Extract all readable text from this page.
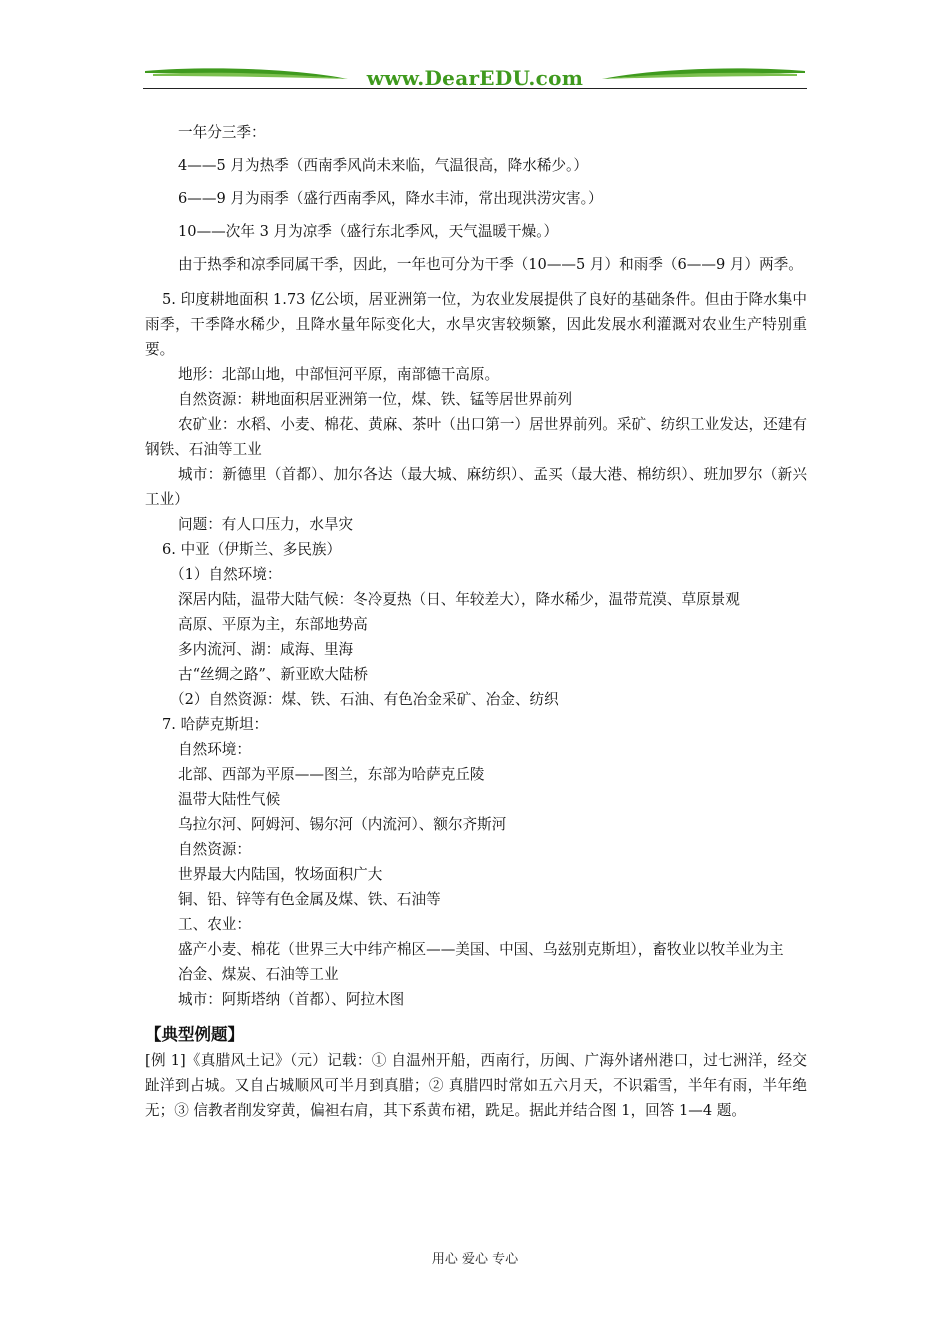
www.DearEDU.com

一年分三季：

4——5 月为热季（西南季风尚未来临，气温很高，降水稀少。）

6——9 月为雨季（盛行西南季风，降水丰沛，常出现洪涝灾害。）

10——次年 3 月为凉季（盛行东北季风，天气温暖干燥。）

由于热季和凉季同属干季，因此，一年也可分为干季（10——5 月）和雨季（6——9 月）两季。

5. 印度耕地面积 1.73 亿公顷，居亚洲第一位，为农业发展提供了良好的基础条件。但由于降水集中雨季，干季降水稀少，且降水量年际变化大，水旱灾害较频繁，因此发展水利灌溉对农业生产特别重要。

地形：北部山地，中部恒河平原，南部德干高原。

自然资源：耕地面积居亚洲第一位，煤、铁、锰等居世界前列

农矿业：水稻、小麦、棉花、黄麻、茶叶（出口第一）居世界前列。采矿、纺织工业发达，还建有钢铁、石油等工业

城市：新德里（首都）、加尔各达（最大城、麻纺织）、孟买（最大港、棉纺织）、班加罗尔（新兴工业）

问题：有人口压力，水旱灾

6. 中亚（伊斯兰、多民族）

（1）自然环境：

深居内陆，温带大陆气候：冬冷夏热（日、年较差大），降水稀少，温带荒漠、草原景观

高原、平原为主，东部地势高

多内流河、湖：咸海、里海

古“丝绸之路”、新亚欧大陆桥

（2）自然资源：煤、铁、石油、有色冶金采矿、冶金、纺织

7. 哈萨克斯坦：

自然环境：

北部、西部为平原——图兰，东部为哈萨克丘陵

温带大陆性气候

乌拉尔河、阿姆河、锡尔河（内流河）、额尔齐斯河

自然资源：

世界最大内陆国，牧场面积广大

铜、铅、锌等有色金属及煤、铁、石油等

工、农业：

盛产小麦、棉花（世界三大中纬产棉区——美国、中国、乌兹别克斯坦），畜牧业以牧羊业为主

冶金、煤炭、石油等工业

城市：阿斯塔纳（首都）、阿拉木图

【典型例题】

[例 1]《真腊风土记》（元）记载：① 自温州开船，西南行，历闽、广海外诸州港口，过七洲洋，经交趾洋到占城。又自占城顺风可半月到真腊；② 真腊四时常如五六月天，不识霜雪，半年有雨，半年绝无；③ 信教者削发穿黄，偏袒右肩，其下系黄布裙，跣足。据此并结合图 1，回答 1—4 题。

用心 爱心 专心
